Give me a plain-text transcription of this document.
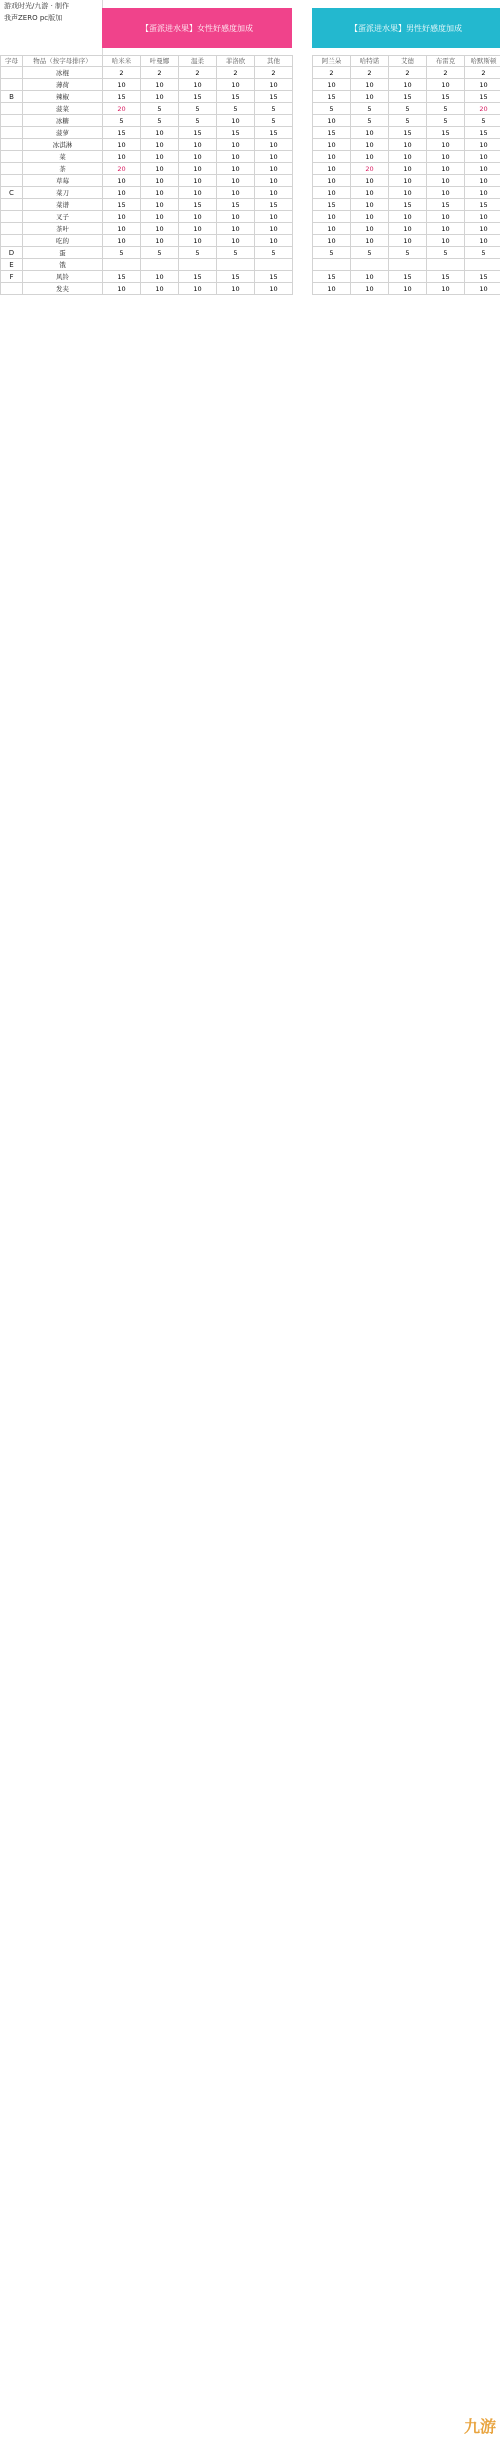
游戏时光/九游 · 制作
我声ZERO pc版加
【蛋派进水果】女性好感度加成	【蛋派进水果】男性好感度加成
字母	物品（按字母排序）	哈米米	叶曼娜	温柔	菲洛欧	其他		阿兰朵	哈特诺	艾德	布雷克	哈默斯顿
	冰棍	2	2	2	2	2		2	2	2	2	2
	薄荷	10	10	10	10	10		10	10	10	10	10
B	辣椒	15	10	15	15	15		15	10	15	15	15
	菠菜	20	5	5	5	5		5	5	5	5	20
	冰糖	5	5	5	10	5		10	5	5	5	5
	菠萝	15	10	15	15	15		15	10	15	15	15
	冰淇淋	10	10	10	10	10		10	10	10	10	10
	菜	10	10	10	10	10		10	10	10	10	10
	茶	20	10	10	10	10		10	20	10	10	10
	草莓	10	10	10	10	10		10	10	10	10	10
C	菜刀	10	10	10	10	10		10	10	10	10	10
	菜谱	15	10	15	15	15		15	10	15	15	15
	叉子	10	10	10	10	10		10	10	10	10	10
	茶叶	10	10	10	10	10		10	10	10	10	10
	吃的	10	10	10	10	10		10	10	10	10	10
D	蛋	5	5	5	5	5		5	5	5	5	5
E	饿											
F	风铃	15	10	15	15	15		15	10	15	15	15
	发夹	10	10	10	10	10		10	10	10	10	10
九游
